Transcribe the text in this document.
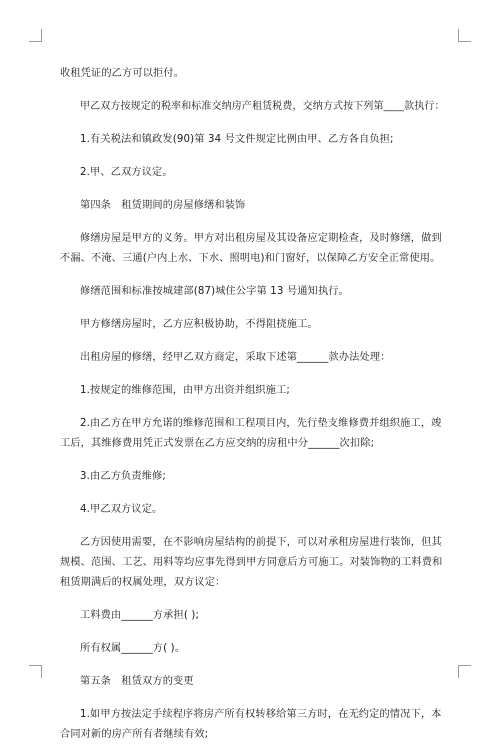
收租凭证的乙方可以拒付。

甲乙双方按规定的税率和标准交纳房产租赁税费，交纳方式按下列第____款执行：

1.有关税法和镇政发(90)第 34 号文件规定比例由甲、乙方各自负担;

2.甲、乙双方议定。

第四条　租赁期间的房屋修缮和装饰

修缮房屋是甲方的义务。甲方对出租房屋及其设备应定期检查，及时修缮，做到

不漏、不淹、三通(户内上水、下水、照明电)和门窗好，以保障乙方安全正常使用。

修缮范围和标准按城建部(87)城住公字第 13 号通知执行。

甲方修缮房屋时，乙方应积极协助，不得阻挠施工。

出租房屋的修缮，经甲乙双方商定，采取下述第______款办法处理：

1.按规定的维修范围，由甲方出资并组织施工;

2.由乙方在甲方允诺的维修范围和工程项目内，先行垫支维修费并组织施工，竣

工后，其维修费用凭正式发票在乙方应交纳的房租中分______次扣除;

3.由乙方负责维修;

4.甲乙双方议定。

乙方因使用需要，在不影响房屋结构的前提下，可以对承租房屋进行装饰，但其

规模、范围、工艺、用料等均应事先得到甲方同意后方可施工。对装饰物的工料费和

租赁期满后的权属处理，双方议定：

工料费由______方承担( );

所有权属______方( )。

第五条　租赁双方的变更

1.如甲方按法定手续程序将房产所有权转移给第三方时，在无约定的情况下，本

合同对新的房产所有者继续有效;
